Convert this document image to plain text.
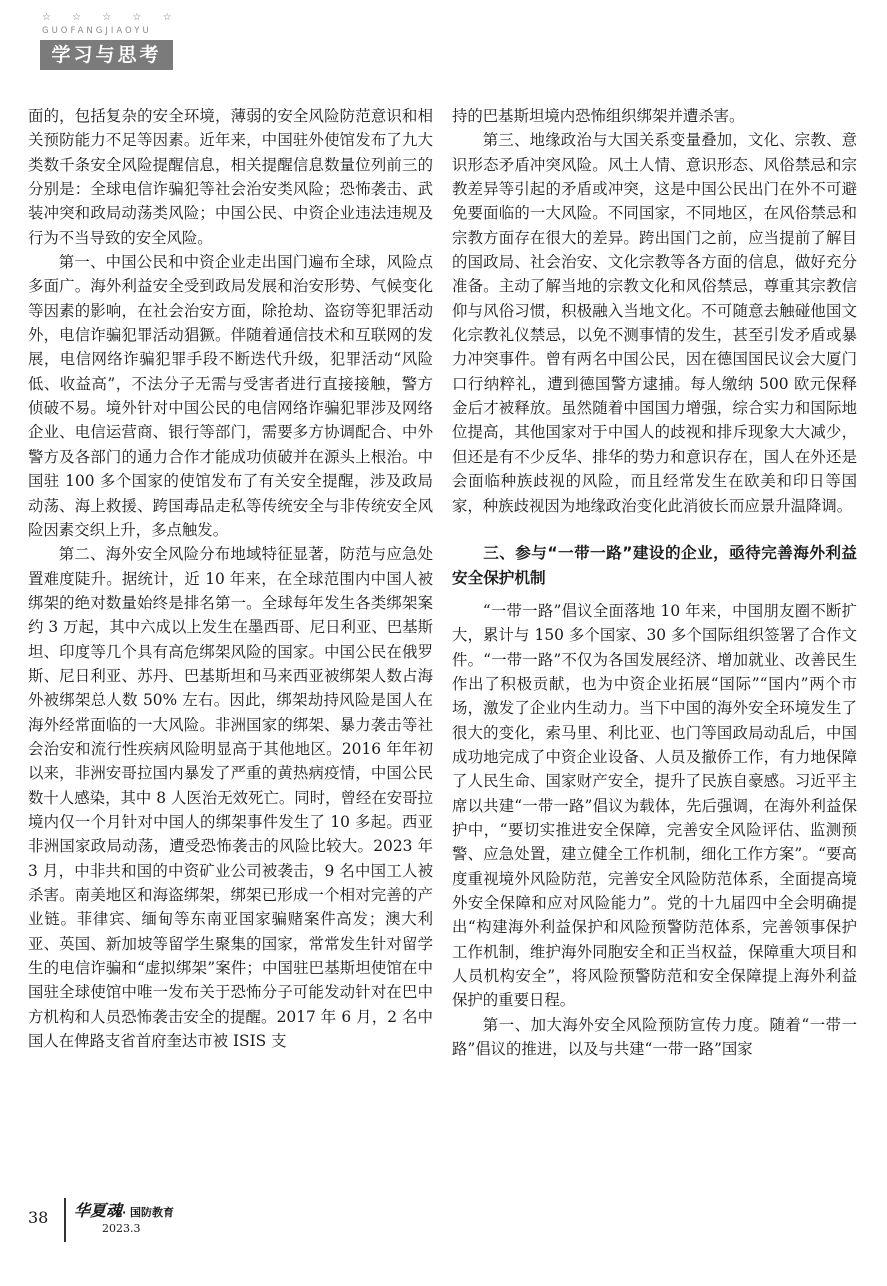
☆ ☆ ☆ ☆ ☆
GUOFANGJIAOYU
学习与思考

面的，包括复杂的安全环境，薄弱的安全风险防范意识和相关预防能力不足等因素。近年来，中国驻外使馆发布了九大类数千条安全风险提醒信息，相关提醒信息数量位列前三的分别是：全球电信诈骗犯等社会治安类风险；恐怖袭击、武装冲突和政局动荡类风险；中国公民、中资企业违法违规及行为不当导致的安全风险。

第一、中国公民和中资企业走出国门遍布全球，风险点多面广。海外利益安全受到政局发展和治安形势、气候变化等因素的影响，在社会治安方面，除抢劫、盗窃等犯罪活动外，电信诈骗犯罪活动猖獗。伴随着通信技术和互联网的发展，电信网络诈骗犯罪手段不断迭代升级，犯罪活动“风险低、收益高”，不法分子无需与受害者进行直接接触，警方侦破不易。境外针对中国公民的电信网络诈骗犯罪涉及网络企业、电信运营商、银行等部门，需要多方协调配合、中外警方及各部门的通力合作才能成功侦破并在源头上根治。中国驻 100 多个国家的使馆发布了有关安全提醒，涉及政局动荡、海上救援、跨国毒品走私等传统安全与非传统安全风险因素交织上升，多点触发。

第二、海外安全风险分布地域特征显著，防范与应急处置难度陡升。据统计，近 10 年来，在全球范围内中国人被绑架的绝对数量始终是排名第一。全球每年发生各类绑架案约 3 万起，其中六成以上发生在墨西哥、尼日利亚、巴基斯坦、印度等几个具有高危绑架风险的国家。中国公民在俄罗斯、尼日利亚、苏丹、巴基斯坦和马来西亚被绑架人数占海外被绑架总人数 50% 左右。因此，绑架劫持风险是国人在海外经常面临的一大风险。非洲国家的绑架、暴力袭击等社会治安和流行性疾病风险明显高于其他地区。2016 年年初以来，非洲安哥拉国内暴发了严重的黄热病疫情，中国公民数十人感染，其中 8 人医治无效死亡。同时，曾经在安哥拉境内仅一个月针对中国人的绑架事件发生了 10 多起。西亚非洲国家政局动荡，遭受恐怖袭击的风险比较大。2023 年 3 月，中非共和国的中资矿业公司被袭击，9 名中国工人被杀害。南美地区和海盗绑架，绑架已形成一个相对完善的产业链。菲律宾、缅甸等东南亚国家骗赌案件高发；澳大利亚、英国、新加坡等留学生聚集的国家，常常发生针对留学生的电信诈骗和“虚拟绑架”案件；中国驻巴基斯坦使馆在中国驻全球使馆中唯一发布关于恐怖分子可能发动针对在巴中方机构和人员恐怖袭击安全的提醒。2017 年 6 月，2 名中国人在俾路支省首府奎达市被 ISIS 支

持的巴基斯坦境内恐怖组织绑架并遭杀害。

第三、地缘政治与大国关系变量叠加，文化、宗教、意识形态矛盾冲突风险。风土人情、意识形态、风俗禁忌和宗教差异等引起的矛盾或冲突，这是中国公民出门在外不可避免要面临的一大风险。不同国家，不同地区，在风俗禁忌和宗教方面存在很大的差异。跨出国门之前，应当提前了解目的国政局、社会治安、文化宗教等各方面的信息，做好充分准备。主动了解当地的宗教文化和风俗禁忌，尊重其宗教信仰与风俗习惯，积极融入当地文化。不可随意去触碰他国文化宗教礼仪禁忌，以免不测事情的发生，甚至引发矛盾或暴力冲突事件。曾有两名中国公民，因在德国国民议会大厦门口行纳粹礼，遭到德国警方逮捕。每人缴纳 500 欧元保释金后才被释放。虽然随着中国国力增强，综合实力和国际地位提高，其他国家对于中国人的歧视和排斥现象大大减少，但还是有不少反华、排华的势力和意识存在，国人在外还是会面临种族歧视的风险，而且经常发生在欧美和印日等国家，种族歧视因为地缘政治变化此消彼长而应景升温降调。

三、参与“一带一路”建设的企业，亟待完善海外利益安全保护机制

“一带一路”倡议全面落地 10 年来，中国朋友圈不断扩大，累计与 150 多个国家、30 多个国际组织签署了合作文件。“一带一路”不仅为各国发展经济、增加就业、改善民生作出了积极贡献，也为中资企业拓展“国际”“国内”两个市场，激发了企业内生动力。当下中国的海外安全环境发生了很大的变化，索马里、利比亚、也门等国政局动乱后，中国成功地完成了中资企业设备、人员及撤侨工作，有力地保障了人民生命、国家财产安全，提升了民族自豪感。习近平主席以共建“一带一路”倡议为载体，先后强调，在海外利益保护中，“要切实推进安全保障，完善安全风险评估、监测预警、应急处置，建立健全工作机制，细化工作方案”。“要高度重视境外风险防范，完善安全风险防范体系，全面提高境外安全保障和应对风险能力”。党的十九届四中全会明确提出“构建海外利益保护和风险预警防范体系，完善领事保护工作机制，维护海外同胞安全和正当权益，保障重大项目和人员机构安全”，将风险预警防范和安全保障提上海外利益保护的重要日程。

第一、加大海外安全风险预防宣传力度。随着“一带一路”倡议的推进，以及与共建“一带一路”国家

38 华夏魂· 国防教育
2023.3
